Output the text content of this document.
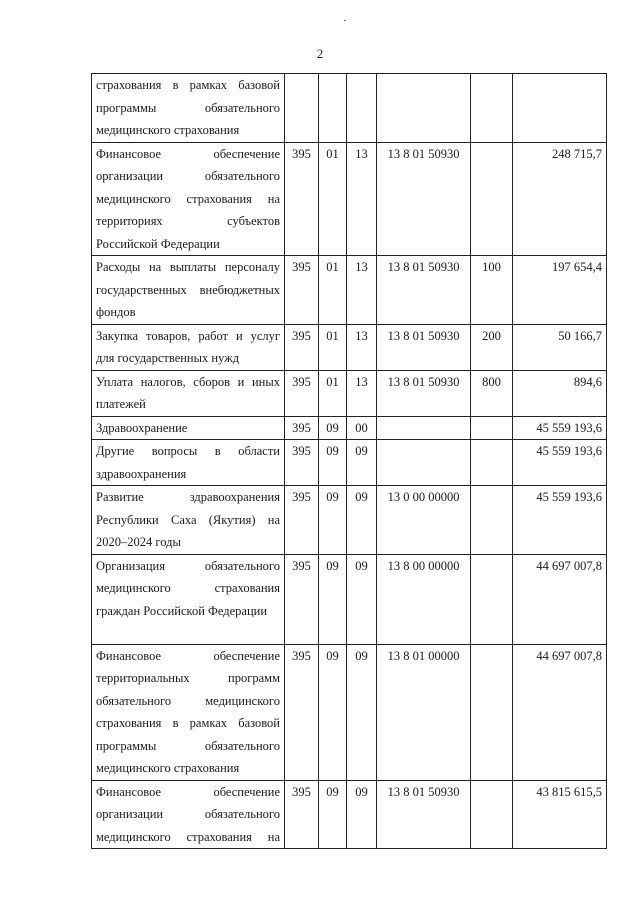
2
страхования в рамках базовой программы обязательного медицинского страхования						
Финансовое обеспечение организации обязательного медицинского страхования на территориях субъектов Российской Федерации	395	01	13	13 8 01 50930		248 715,7
Расходы на выплаты персоналу государственных внебюджетных фондов	395	01	13	13 8 01 50930	100	197 654,4
Закупка товаров, работ и услуг для государственных нужд	395	01	13	13 8 01 50930	200	50 166,7
Уплата налогов, сборов и иных платежей	395	01	13	13 8 01 50930	800	894,6
Здравоохранение	395	09	00			45 559 193,6
Другие вопросы в области здравоохранения	395	09	09			45 559 193,6
Развитие здравоохранения Республики Саха (Якутия) на 2020–2024 годы	395	09	09	13 0 00 00000		45 559 193,6
Организация обязательного медицинского страхования граждан Российской Федерации	395	09	09	13 8 00 00000		44 697 007,8
Финансовое обеспечение территориальных программ обязательного медицинского страхования в рамках базовой программы обязательного медицинского страхования	395	09	09	13 8 01 00000		44 697 007,8
Финансовое обеспечение организации обязательного медицинского страхования на	395	09	09	13 8 01 50930		43 815 615,5
